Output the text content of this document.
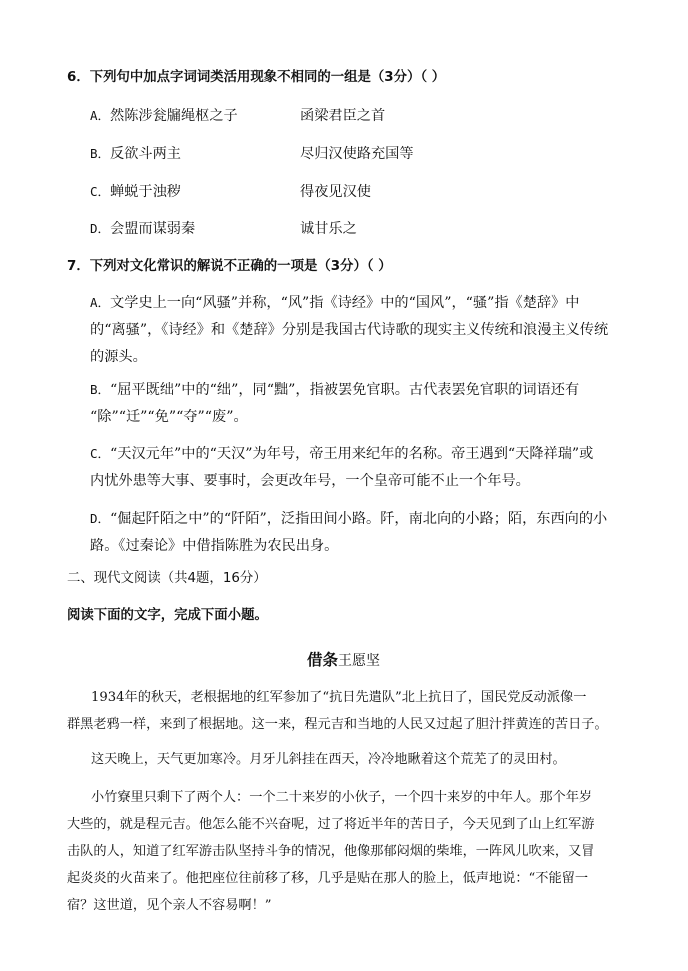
6．下列句中加点字词词类活用现象不相同的一组是（3分）（ ）
A．然陈涉瓮牖绳枢之子	函梁君臣之首
B．反欲斗两主	尽归汉使路充国等
C．蝉蜕于浊秽	得夜见汉使
D．会盟而谋弱秦	诚甘乐之
7．下列对文化常识的解说不正确的一项是（3分）（ ）
A．文学史上一向“风骚”并称，“风”指《诗经》中的“国风”，“骚”指《楚辞》中
的“离骚”，《诗经》和《楚辞》分别是我国古代诗歌的现实主义传统和浪漫主义传统
的源头。
B．“屈平既绌”中的“绌”，同“黜”，指被罢免官职。古代表罢免官职的词语还有
“除”“迁”“免”“夺”“废”。
C．“天汉元年”中的“天汉”为年号，帝王用来纪年的名称。帝王遇到“天降祥瑞”或
内忧外患等大事、要事时，会更改年号，一个皇帝可能不止一个年号。
D．“倔起阡陌之中”的“阡陌”，泛指田间小路。阡，南北向的小路；陌，东西向的小
路。《过秦论》中借指陈胜为农民出身。
二、现代文阅读（共4题，16分）
阅读下面的文字，完成下面小题。
借条王愿坚
1934年的秋天，老根据地的红军参加了“抗日先遣队”北上抗日了，国民党反动派像一
群黑老鸦一样，来到了根据地。这一来，程元吉和当地的人民又过起了胆汁拌黄连的苦日子。
这天晚上，天气更加寒冷。月牙儿斜挂在西天，冷冷地瞅着这个荒芜了的灵田村。
小竹寮里只剩下了两个人：一个二十来岁的小伙子，一个四十来岁的中年人。那个年岁
大些的，就是程元吉。他怎么能不兴奋呢，过了将近半年的苦日子，今天见到了山上红军游
击队的人，知道了红军游击队坚持斗争的情况，他像那郁闷烟的柴堆，一阵风儿吹来，又冒
起炎炎的火苗来了。他把座位往前移了移，几乎是贴在那人的脸上，低声地说：“不能留一
宿？这世道，见个亲人不容易啊！”
